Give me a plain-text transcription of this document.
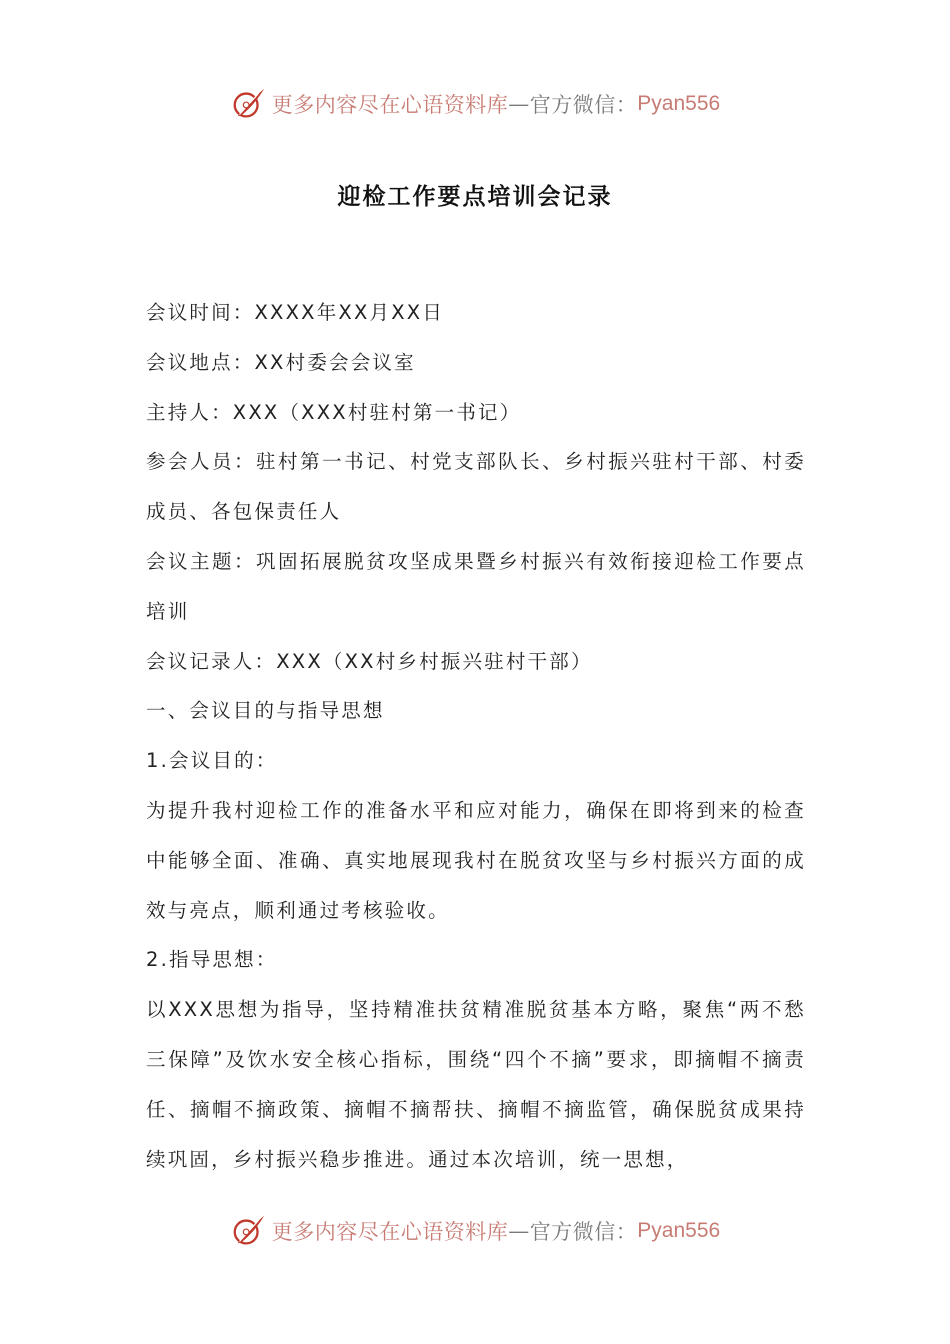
更多内容尽在心语资料库 — 官方微信： Pyan556
迎检工作要点培训会记录

会议时间：XXXX年XX月XX日

会议地点：XX村委会会议室

主持人：XXX（XXX村驻村第一书记）

参会人员：驻村第一书记、村党支部队长、乡村振兴驻村干部、村委成员、各包保责任人

会议主题：巩固拓展脱贫攻坚成果暨乡村振兴有效衔接迎检工作要点培训

会议记录人：XXX（XX村乡村振兴驻村干部）

一、会议目的与指导思想

1.会议目的：

为提升我村迎检工作的准备水平和应对能力，确保在即将到来的检查中能够全面、准确、真实地展现我村在脱贫攻坚与乡村振兴方面的成效与亮点，顺利通过考核验收。

2.指导思想：

以XXX思想为指导，坚持精准扶贫精准脱贫基本方略，聚焦“两不愁三保障”及饮水安全核心指标，围绕“四个不摘”要求，即摘帽不摘责任、摘帽不摘政策、摘帽不摘帮扶、摘帽不摘监管，确保脱贫成果持续巩固，乡村振兴稳步推进。通过本次培训，统一思想，

更多内容尽在心语资料库 — 官方微信： Pyan556
